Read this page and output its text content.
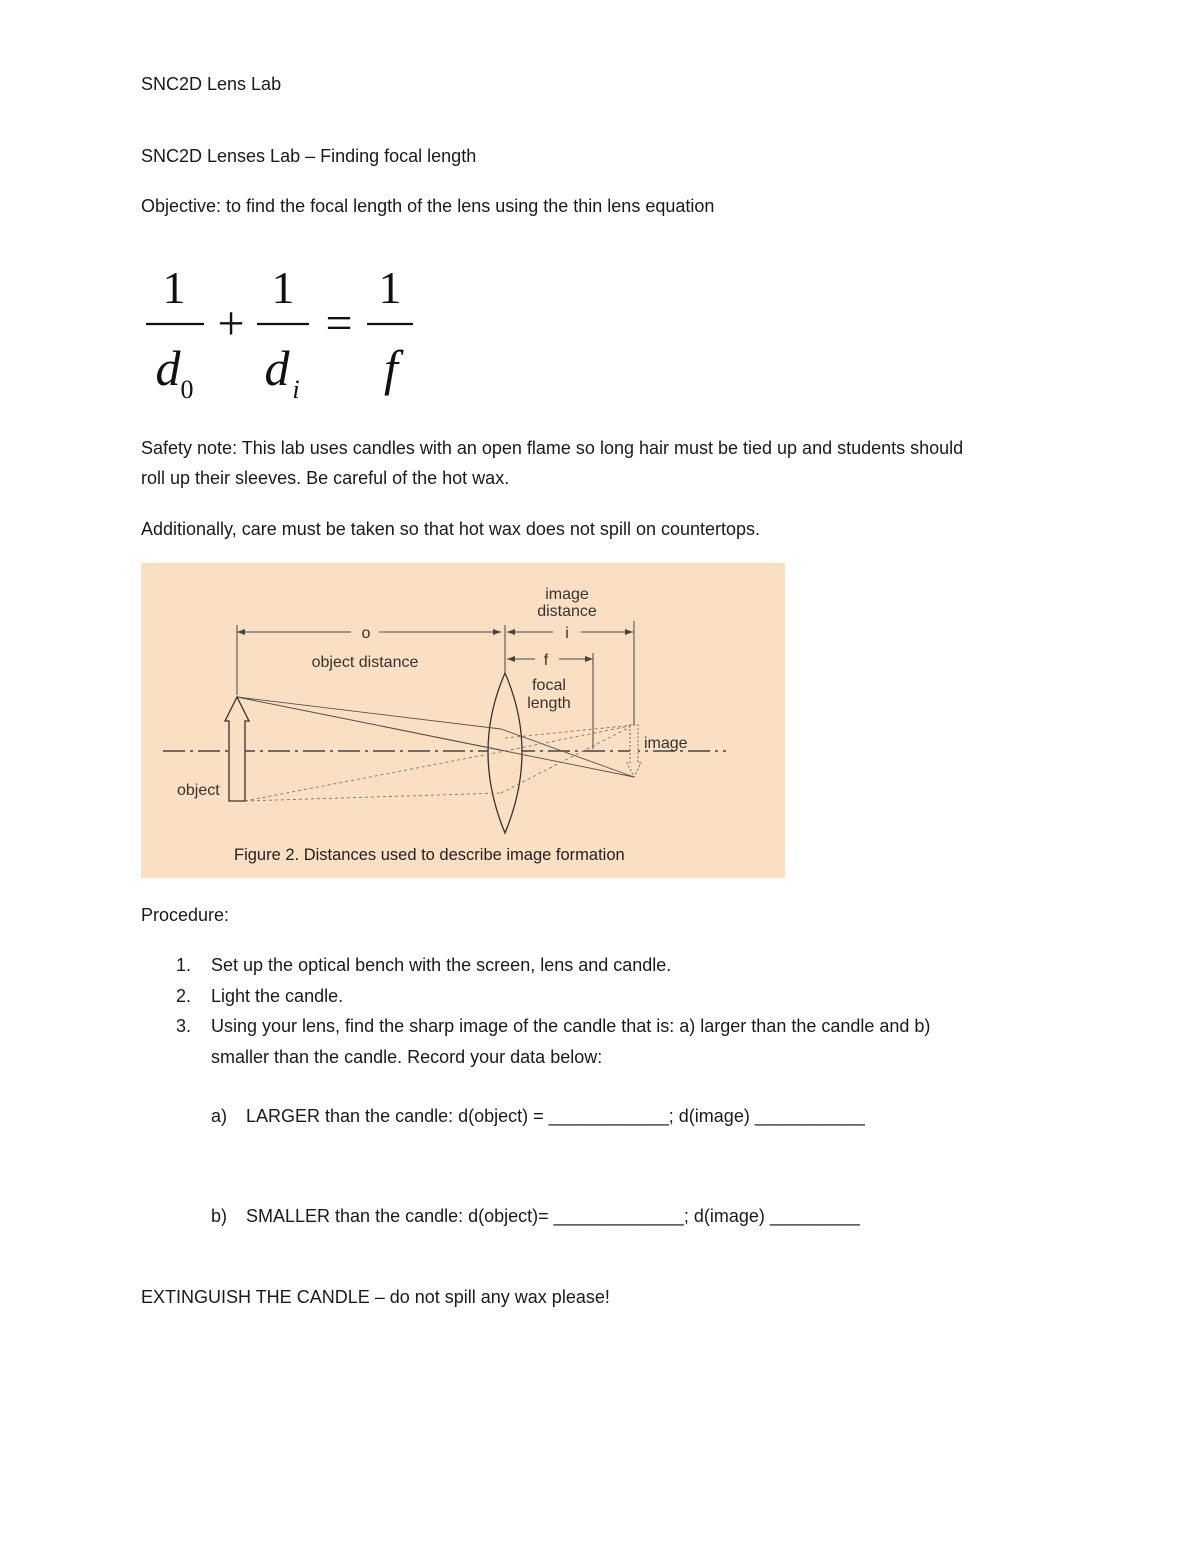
SNC2D Lens Lab
SNC2D Lenses Lab – Finding focal length
Objective: to find the focal length of the lens using the thin lens equation
1
d 0
+
1
d i
=
1
f
Safety note: This lab uses candles with an open flame so long hair must be tied up and students should
roll up their sleeves. Be careful of the hot wax.
Additionally, care must be taken so that hot wax does not spill on countertops.
o
object distance
i
image
distance
f
focal
length
image
object
Figure 2. Distances used to describe image formation
Procedure:
1. Set up the optical bench with the screen, lens and candle.
2. Light the candle.
3. Using your lens, find the sharp image of the candle that is: a) larger than the candle and b)
smaller than the candle. Record your data below:
a) LARGER than the candle: d(object) = ____________; d(image) ___________
b) SMALLER than the candle: d(object)= _____________; d(image) _________
EXTINGUISH THE CANDLE – do not spill any wax please!
